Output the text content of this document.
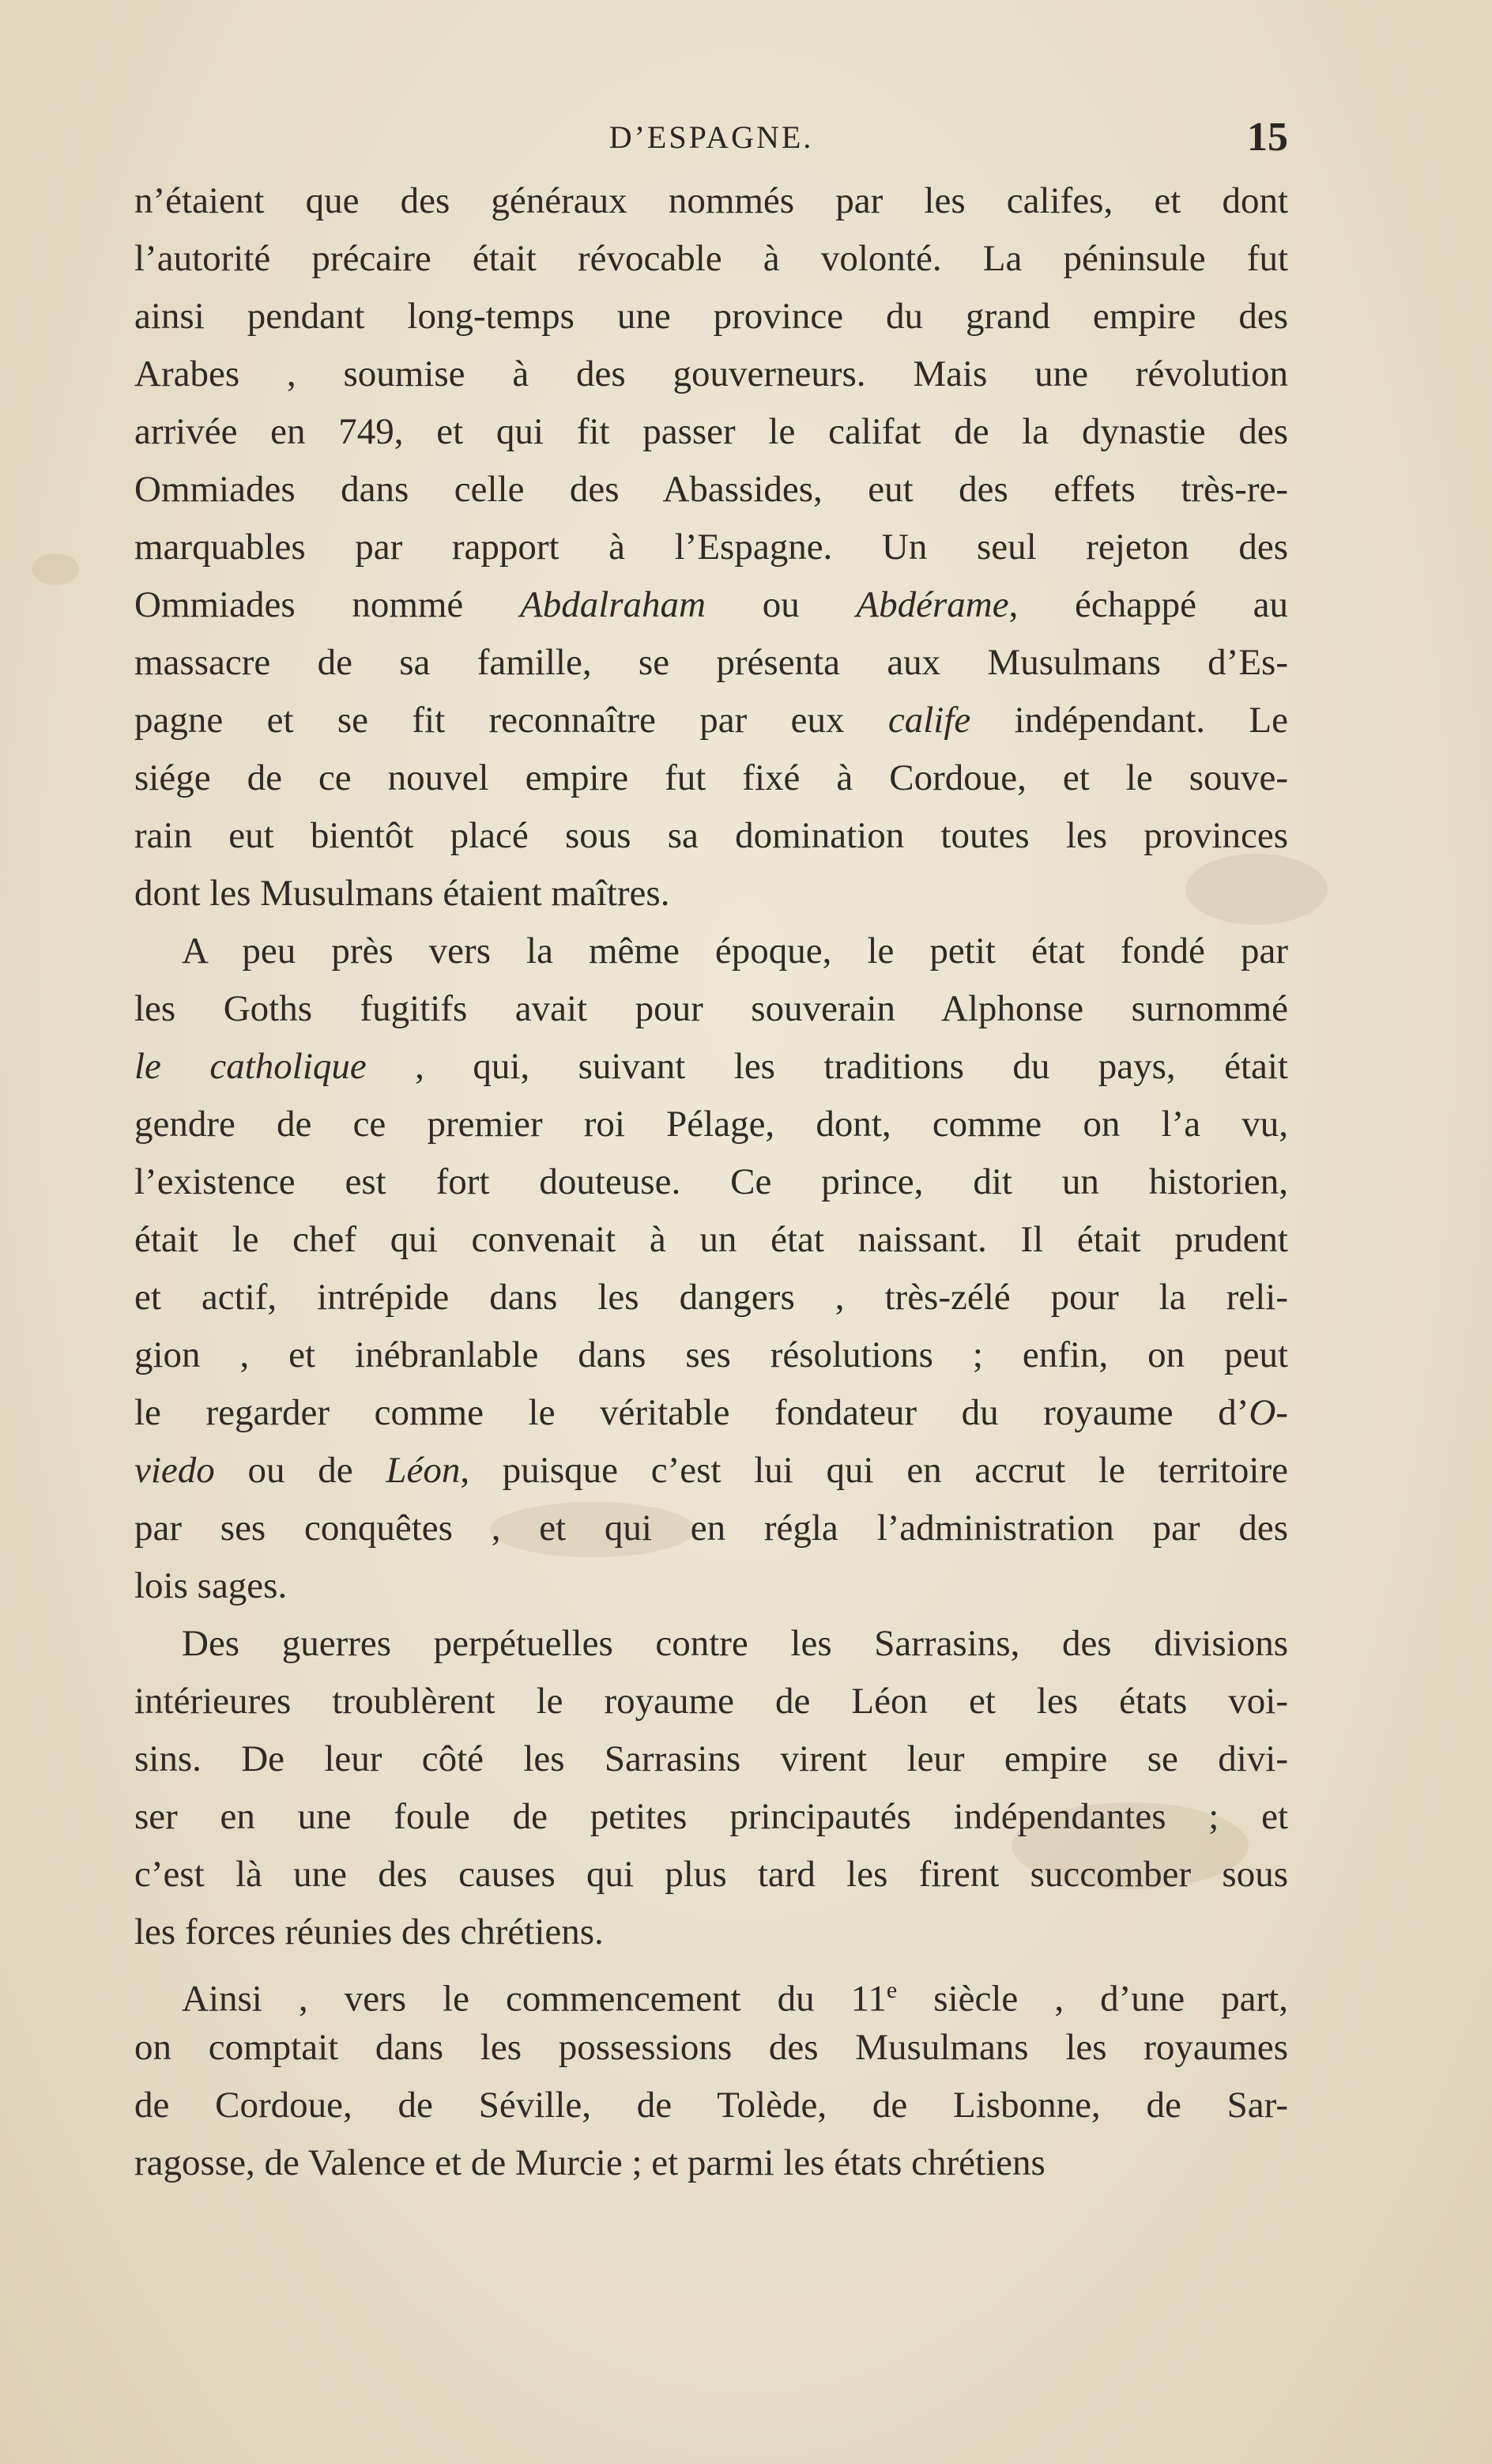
D’ESPAGNE.	15
n’étaient que des généraux nommés par les califes, et dont
l’autorité précaire était révocable à volonté. La péninsule fut
ainsi pendant long-temps une province du grand empire des
Arabes , soumise à des gouverneurs. Mais une révolution
arrivée en 749, et qui fit passer le califat de la dynastie des
Ommiades dans celle des Abassides, eut des effets très-re-
marquables par rapport à l’Espagne. Un seul rejeton des
Ommiades nommé Abdalraham ou Abdérame, échappé au
massacre de sa famille, se présenta aux Musulmans d’Es-
pagne et se fit reconnaître par eux calife indépendant. Le
siége de ce nouvel empire fut fixé à Cordoue, et le souve-
rain eut bientôt placé sous sa domination toutes les provinces
dont les Musulmans étaient maîtres.
A peu près vers la même époque, le petit état fondé par
les Goths fugitifs avait pour souverain Alphonse surnommé
le catholique , qui, suivant les traditions du pays, était
gendre de ce premier roi Pélage, dont, comme on l’a vu,
l’existence est fort douteuse. Ce prince, dit un historien,
était le chef qui convenait à un état naissant. Il était prudent
et actif, intrépide dans les dangers , très-zélé pour la reli-
gion , et inébranlable dans ses résolutions ; enfin, on peut
le regarder comme le véritable fondateur du royaume d’O-
viedo ou de Léon, puisque c’est lui qui en accrut le territoire
par ses conquêtes , et qui en régla l’administration par des
lois sages.
Des guerres perpétuelles contre les Sarrasins, des divisions
intérieures troublèrent le royaume de Léon et les états voi-
sins. De leur côté les Sarrasins virent leur empire se divi-
ser en une foule de petites principautés indépendantes ; et
c’est là une des causes qui plus tard les firent succomber sous
les forces réunies des chrétiens.
Ainsi , vers le commencement du 11e siècle , d’une part,
on comptait dans les possessions des Musulmans les royaumes
de Cordoue, de Séville, de Tolède, de Lisbonne, de Sar-
ragosse, de Valence et de Murcie ; et parmi les états chrétiens
